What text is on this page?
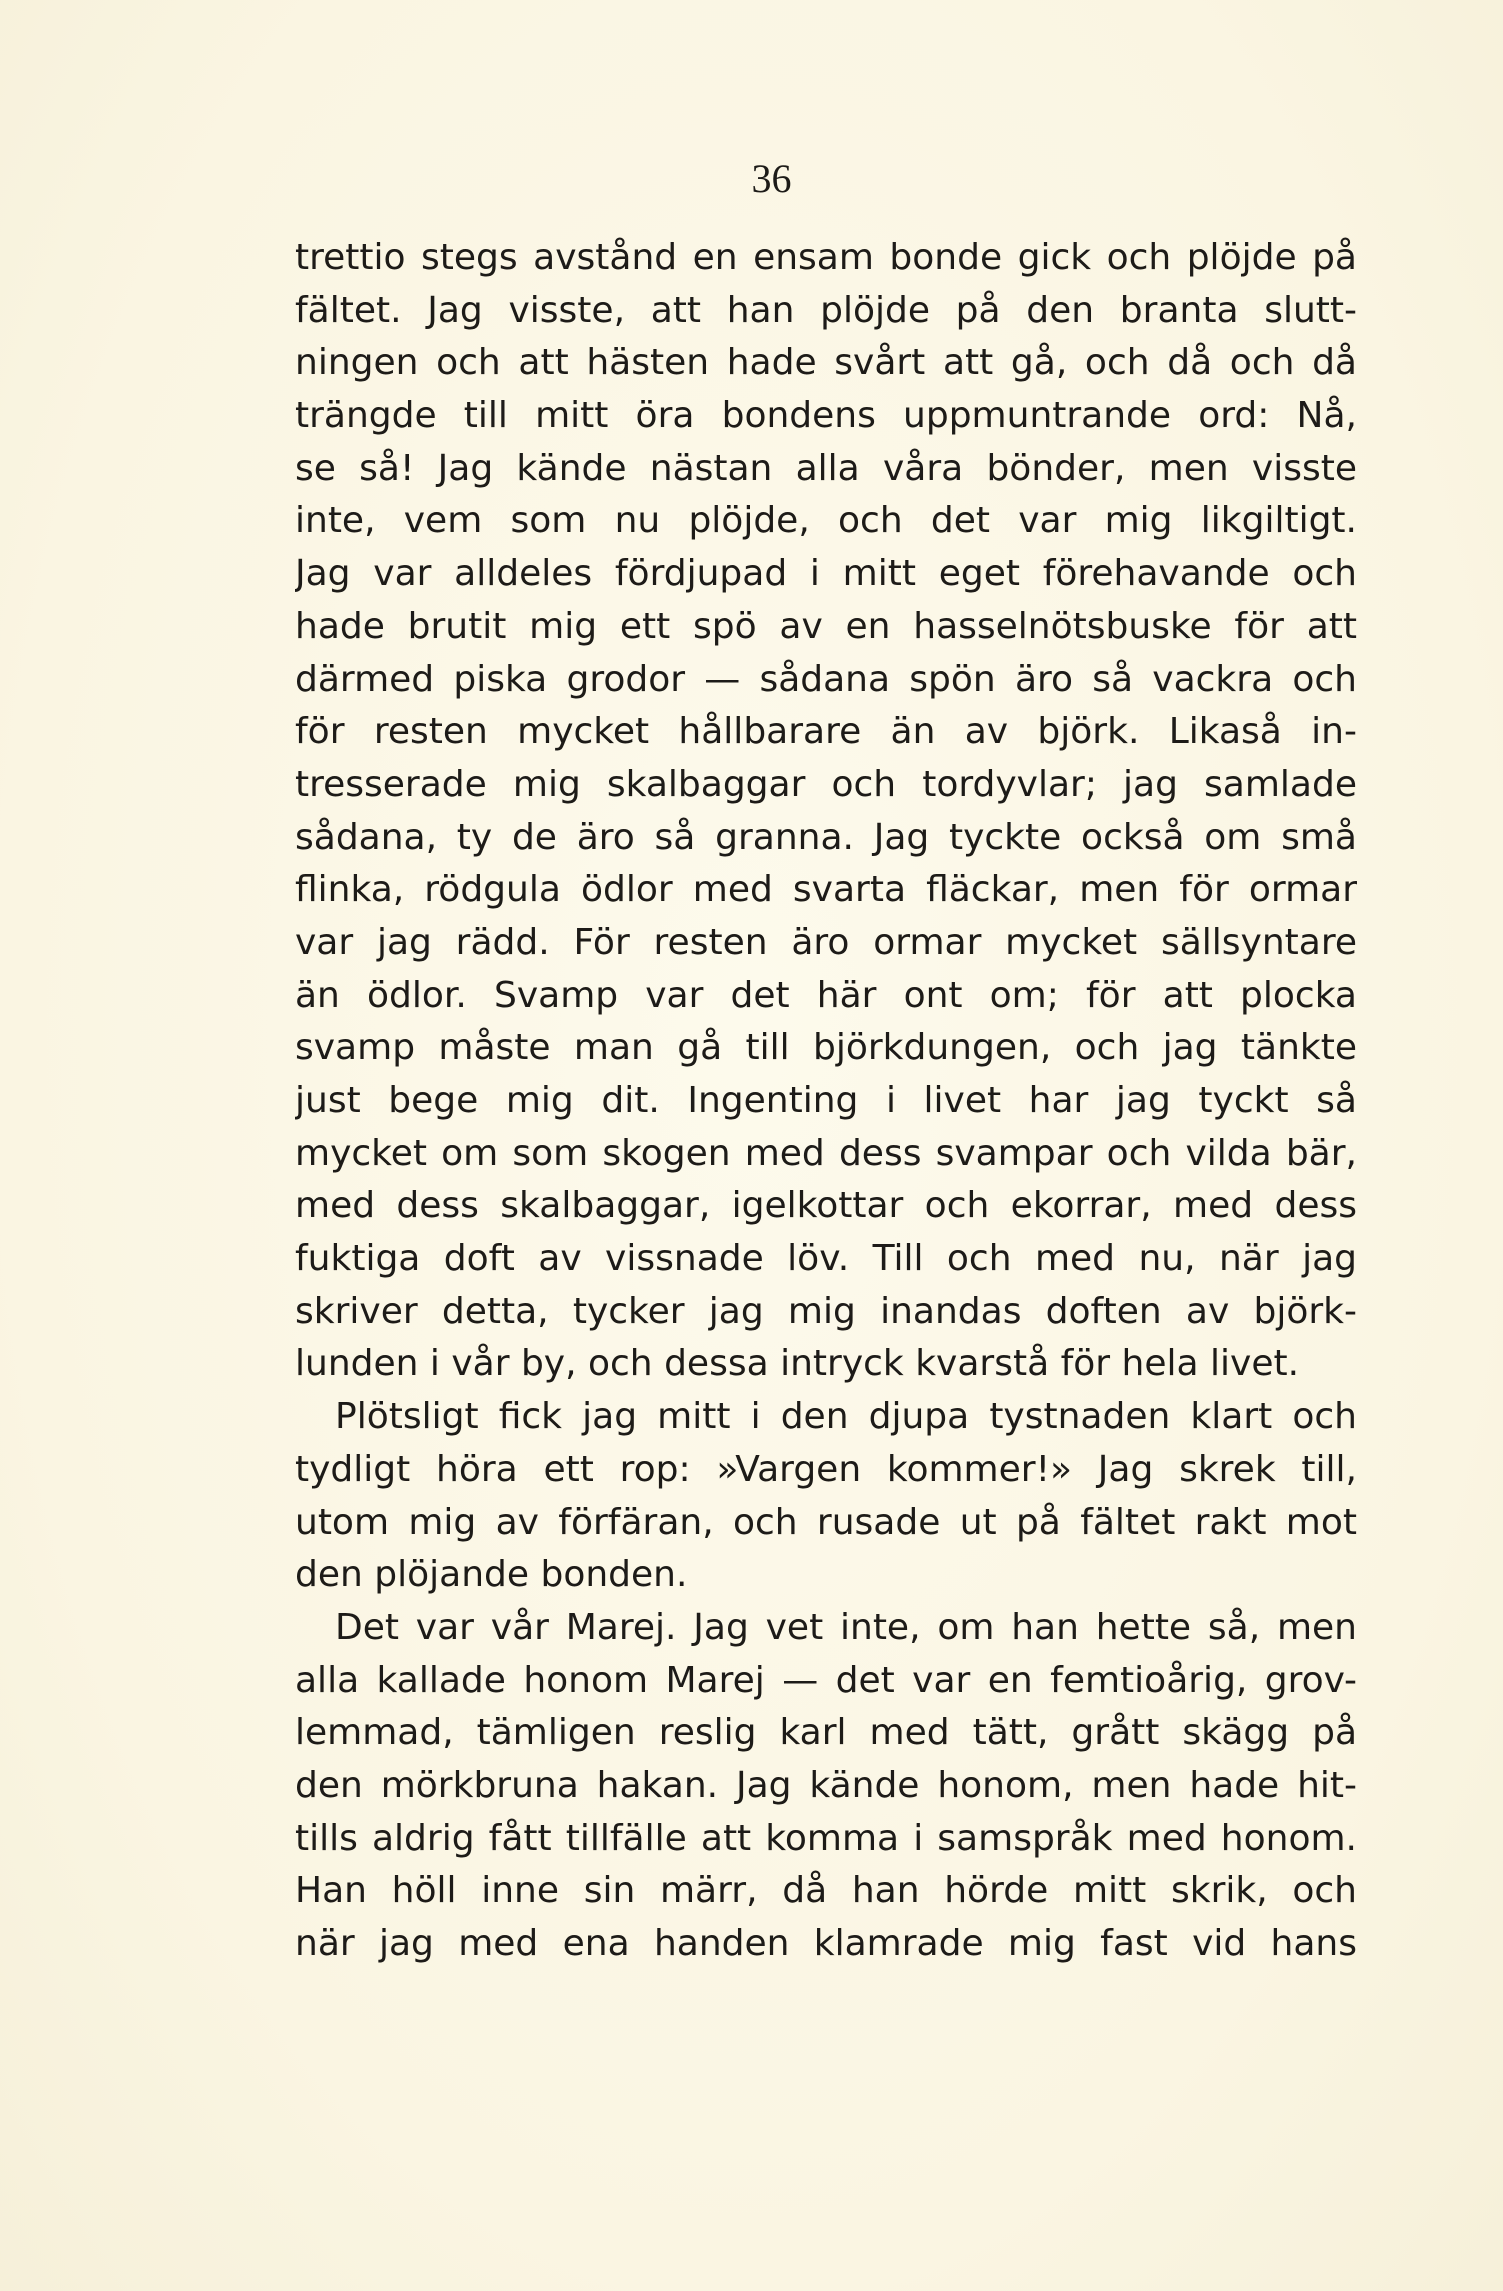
36
trettio stegs avstånd en ensam bonde gick och plöjde på
fältet. Jag visste, att han plöjde på den branta slutt-
ningen och att hästen hade svårt att gå, och då och då
trängde till mitt öra bondens uppmuntrande ord: Nå,
se så! Jag kände nästan alla våra bönder, men visste
inte, vem som nu plöjde, och det var mig likgiltigt.
Jag var alldeles fördjupad i mitt eget förehavande och
hade brutit mig ett spö av en hasselnötsbuske för att
därmed piska grodor — sådana spön äro så vackra och
för resten mycket hållbarare än av björk. Likaså in-
tresserade mig skalbaggar och tordyvlar; jag samlade
sådana, ty de äro så granna. Jag tyckte också om små
flinka, rödgula ödlor med svarta fläckar, men för ormar
var jag rädd. För resten äro ormar mycket sällsyntare
än ödlor. Svamp var det här ont om; för att plocka
svamp måste man gå till björkdungen, och jag tänkte
just bege mig dit. Ingenting i livet har jag tyckt så
mycket om som skogen med dess svampar och vilda bär,
med dess skalbaggar, igelkottar och ekorrar, med dess
fuktiga doft av vissnade löv. Till och med nu, när jag
skriver detta, tycker jag mig inandas doften av björk-
lunden i vår by, och dessa intryck kvarstå för hela livet.
Plötsligt fick jag mitt i den djupa tystnaden klart och
tydligt höra ett rop: »Vargen kommer!» Jag skrek till,
utom mig av förfäran, och rusade ut på fältet rakt mot
den plöjande bonden.
Det var vår Marej. Jag vet inte, om han hette så, men
alla kallade honom Marej — det var en femtioårig, grov-
lemmad, tämligen reslig karl med tätt, grått skägg på
den mörkbruna hakan. Jag kände honom, men hade hit-
tills aldrig fått tillfälle att komma i samspråk med honom.
Han höll inne sin märr, då han hörde mitt skrik, och
när jag med ena handen klamrade mig fast vid hans
